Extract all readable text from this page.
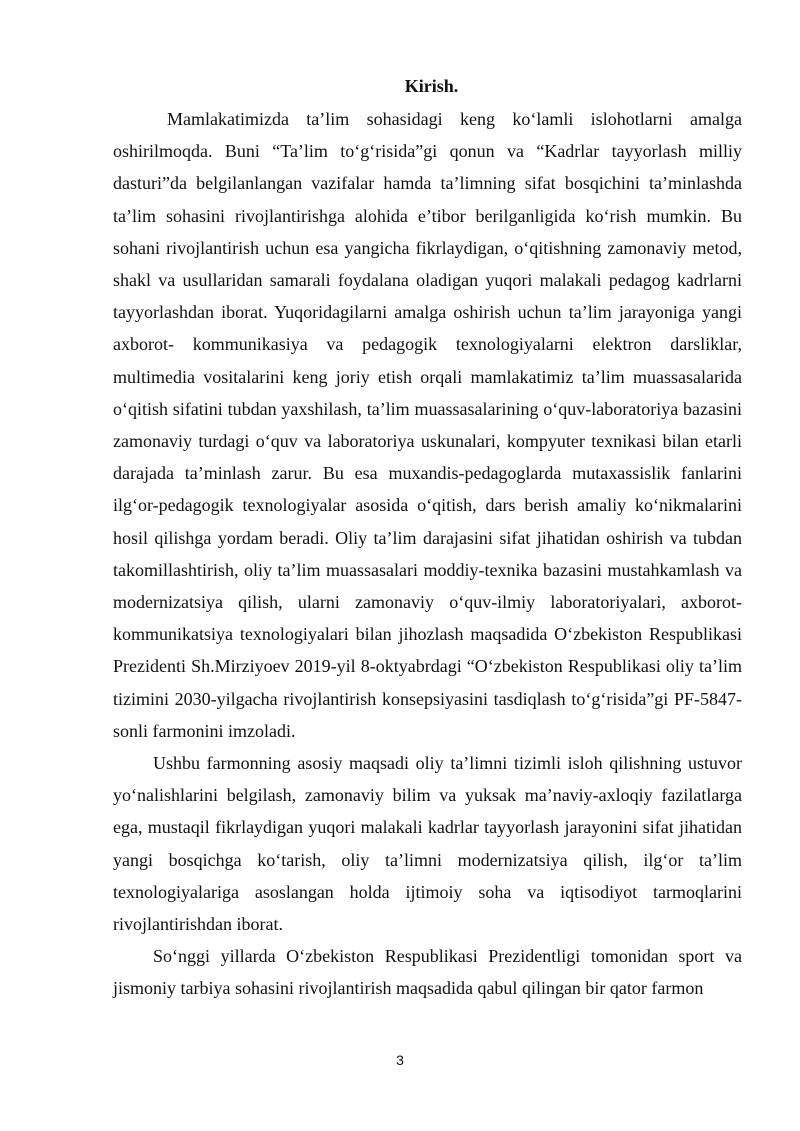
Kirish.

Mamlakatimizda ta’lim sohasidagi keng ko‘lamli islohotlarni amalga oshirilmoqda. Buni “Ta’lim to‘g‘risida”gi qonun va “Kadrlar tayyorlash milliy dasturi”da belgilanlangan vazifalar hamda ta’limning sifat bosqichini ta’minlashda ta’lim sohasini rivojlantirishga alohida e’tibor berilganligida ko‘rish mumkin. Bu sohani rivojlantirish uchun esa yangicha fikrlaydigan, o‘qitishning zamonaviy metod, shakl va usullaridan samarali foydalana oladigan yuqori malakali pedagog kadrlarni tayyorlashdan iborat. Yuqoridagilarni amalga oshirish uchun ta’lim jarayoniga yangi axborot- kommunikasiya va pedagogik texnologiyalarni elektron darsliklar, multimedia vositalarini keng joriy etish orqali mamlakatimiz ta’lim muassasalarida o‘qitish sifatini tubdan yaxshilash, ta’lim muassasalarining o‘quv-laboratoriya bazasini zamonaviy turdagi o‘quv va laboratoriya uskunalari, kompyuter texnikasi bilan etarli darajada ta’minlash zarur. Bu esa muxandis-pedagoglarda mutaxassislik fanlarini ilg‘or-pedagogik texnologiyalar asosida o‘qitish, dars berish amaliy ko‘nikmalarini hosil qilishga yordam beradi. Oliy ta’lim darajasini sifat jihatidan oshirish va tubdan takomillashtirish, oliy ta’lim muassasalari moddiy-texnika bazasini mustahkamlash va modernizatsiya qilish, ularni zamonaviy o‘quv-ilmiy laboratoriyalari, axborot-kommunikatsiya texnologiyalari bilan jihozlash maqsadida O‘zbekiston Respublikasi Prezidenti Sh.Mirziyoev 2019-yil 8-oktyabrdagi “O‘zbekiston Respublikasi oliy ta’lim tizimini 2030-yilgacha rivojlantirish konsepsiyasini tasdiqlash to‘g‘risida”gi PF-5847-sonli farmonini imzoladi.

Ushbu farmonning asosiy maqsadi oliy ta’limni tizimli isloh qilishning ustuvor yo‘nalishlarini belgilash, zamonaviy bilim va yuksak ma’naviy-axloqiy fazilatlarga ega, mustaqil fikrlaydigan yuqori malakali kadrlar tayyorlash jarayonini sifat jihatidan yangi bosqichga ko‘tarish, oliy ta’limni modernizatsiya qilish, ilg‘or ta’lim texnologiyalariga asoslangan holda ijtimoiy soha va iqtisodiyot tarmoqlarini rivojlantirishdan iborat.

So‘nggi yillarda O‘zbekiston Respublikasi Prezidentligi tomonidan sport va jismoniy tarbiya sohasini rivojlantirish maqsadida qabul qilingan bir qator farmon

3
